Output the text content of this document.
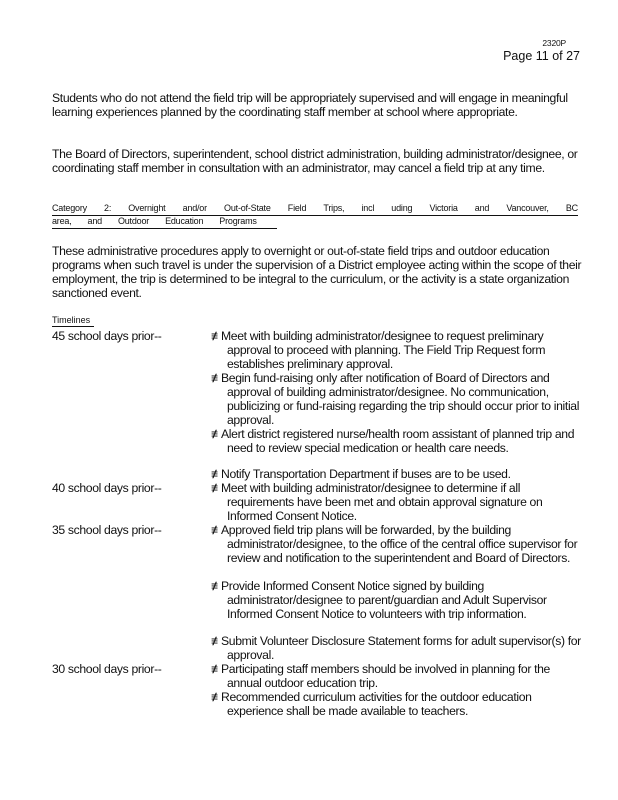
2320P
Page 11 of 27
Students who do not attend the field trip will be appropriately supervised and will engage in meaningful learning experiences planned by the coordinating staff member at school where appropriate.
The Board of Directors, superintendent, school district administration, building administrator/designee, or coordinating staff member in consultation with an administrator, may cancel a field trip at any time.
Category 2: Overnight and/or Out-of-State Field Trips, incl uding Victoria and Vancouver, BC
area, and Outdoor Education Programs
These administrative procedures apply to overnight or out-of-state field trips and outdoor education programs when such travel is under the supervision of a District employee acting within the scope of their employment, the trip is determined to be integral to the curriculum, or the activity is a state organization sanctioned event.
Timelines
45 school days prior--	≢Meet with building administrator/designee to request preliminary approval to proceed with planning. The Field Trip Request form establishes preliminary approval.
≢Begin fund-raising only after notification of Board of Directors and approval of building administrator/designee. No communication, publicizing or fund-raising regarding the trip should occur prior to initial approval.
≢Alert district registered nurse/health room assistant of planned trip and need to review special medication or health care needs.
≢Notify Transportation Department if buses are to be used.
40 school days prior--	≢Meet with building administrator/designee to determine if all requirements have been met and obtain approval signature on Informed Consent Notice.
35 school days prior--	≢Approved field trip plans will be forwarded, by the building administrator/designee, to the office of the central office supervisor for review and notification to the superintendent and Board of Directors.
≢Provide Informed Consent Notice signed by building administrator/designee to parent/guardian and Adult Supervisor Informed Consent Notice to volunteers with trip information.
≢Submit Volunteer Disclosure Statement forms for adult supervisor(s) for approval.
30 school days prior--	≢Participating staff members should be involved in planning for the annual outdoor education trip.
≢Recommended curriculum activities for the outdoor education experience shall be made available to teachers.
